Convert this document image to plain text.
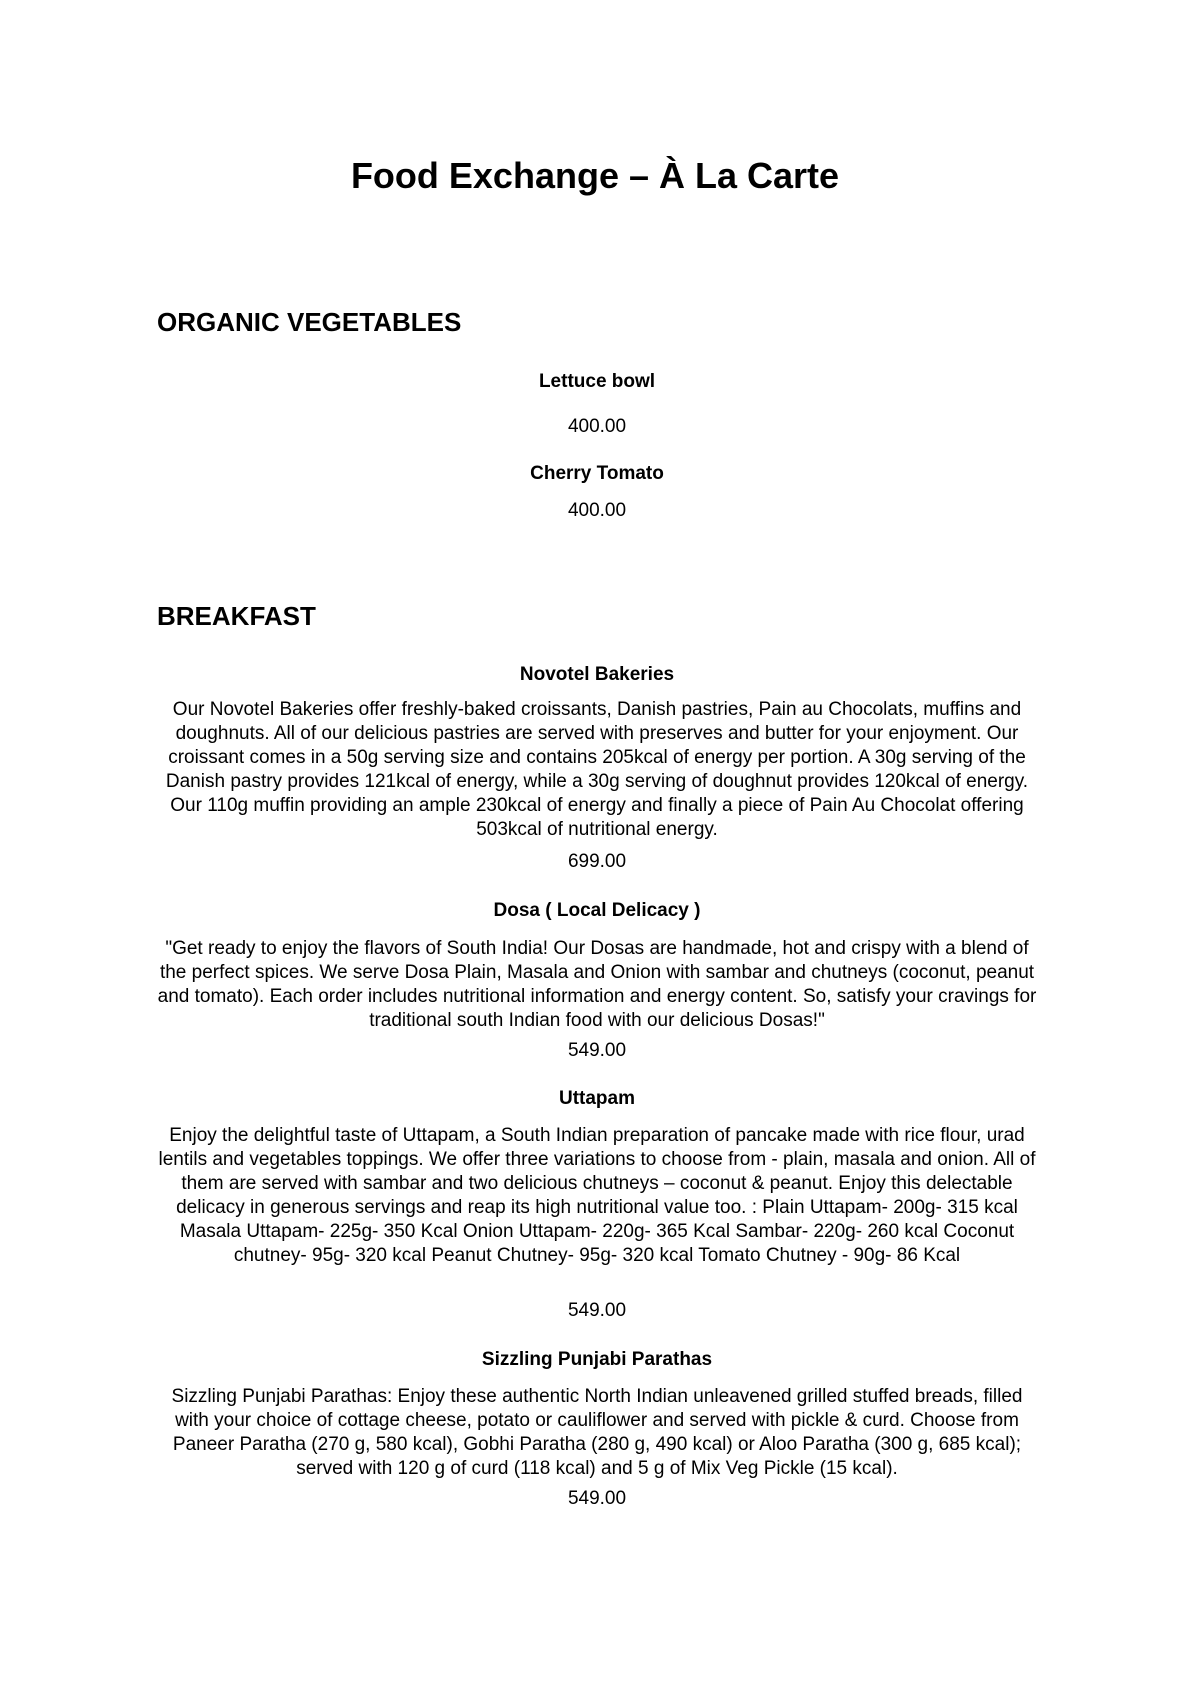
Food Exchange – À La Carte
ORGANIC VEGETABLES
Lettuce bowl
400.00
Cherry Tomato
400.00
BREAKFAST
Novotel Bakeries

Our Novotel Bakeries offer freshly-baked croissants, Danish pastries, Pain au Chocolats, muffins and doughnuts. All of our delicious pastries are served with preserves and butter for your enjoyment. Our croissant comes in a 50g serving size and contains 205kcal of energy per portion. A 30g serving of the Danish pastry provides 121kcal of energy, while a 30g serving of doughnut provides 120kcal of energy. Our 110g muffin providing an ample 230kcal of energy and finally a piece of Pain Au Chocolat offering 503kcal of nutritional energy.

699.00
Dosa ( Local Delicacy )

"Get ready to enjoy the flavors of South India! Our Dosas are handmade, hot and crispy with a blend of the perfect spices. We serve Dosa Plain, Masala and Onion with sambar and chutneys (coconut, peanut and tomato). Each order includes nutritional information and energy content. So, satisfy your cravings for traditional south Indian food with our delicious Dosas!"

549.00
Uttapam

Enjoy the delightful taste of Uttapam, a South Indian preparation of pancake made with rice flour, urad lentils and vegetables toppings. We offer three variations to choose from - plain, masala and onion. All of them are served with sambar and two delicious chutneys – coconut & peanut. Enjoy this delectable delicacy in generous servings and reap its high nutritional value too. : Plain Uttapam- 200g- 315 kcal Masala Uttapam- 225g- 350 Kcal Onion Uttapam- 220g- 365 Kcal Sambar- 220g- 260 kcal Coconut chutney- 95g- 320 kcal Peanut Chutney- 95g- 320 kcal Tomato Chutney - 90g- 86 Kcal

549.00
Sizzling Punjabi Parathas

Sizzling Punjabi Parathas: Enjoy these authentic North Indian unleavened grilled stuffed breads, filled with your choice of cottage cheese, potato or cauliflower and served with pickle & curd. Choose from Paneer Paratha (270 g, 580 kcal), Gobhi Paratha (280 g, 490 kcal) or Aloo Paratha (300 g, 685 kcal); served with 120 g of curd (118 kcal) and 5 g of Mix Veg Pickle (15 kcal).

549.00
